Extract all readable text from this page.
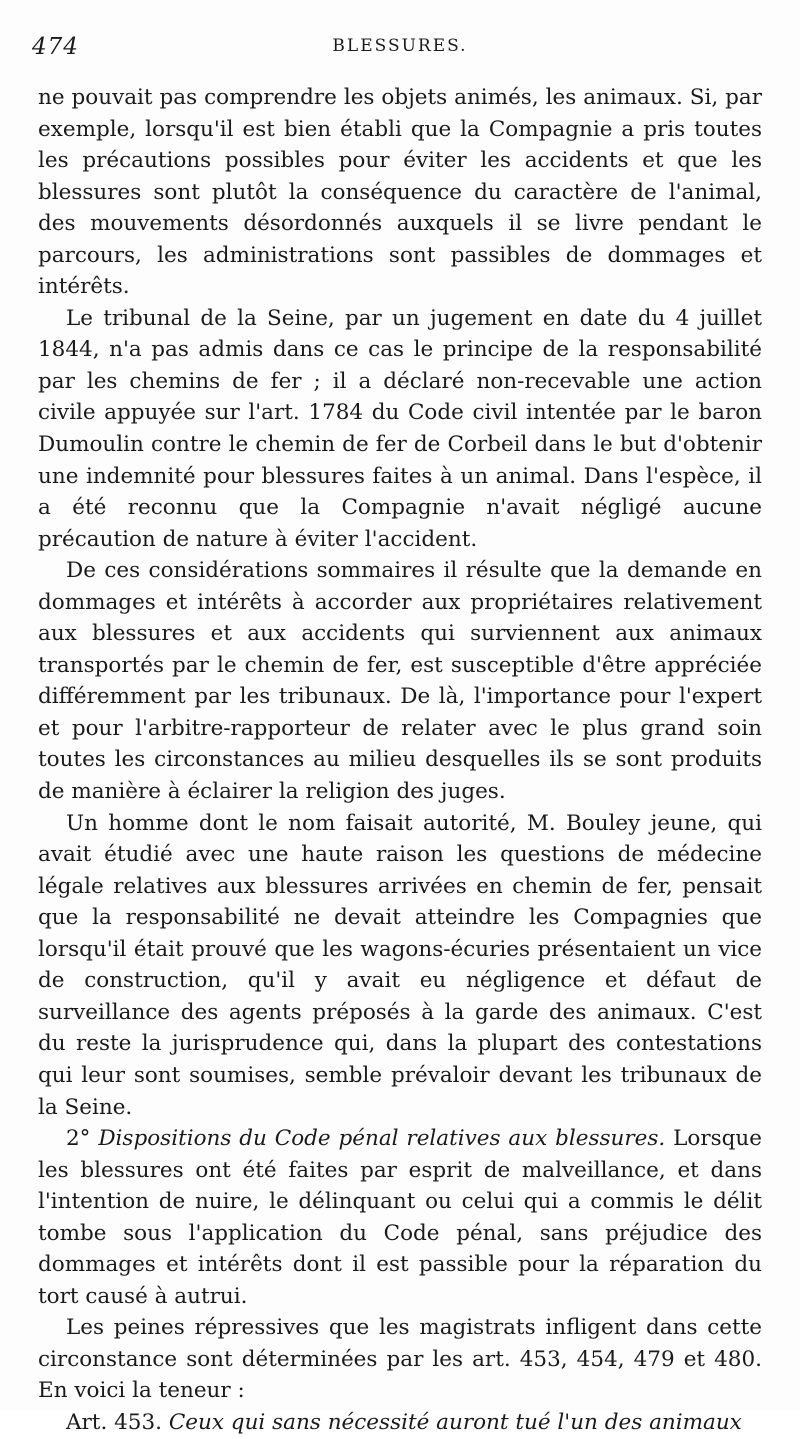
474	BLESSURES.

ne pouvait pas comprendre les objets animés, les animaux. Si, par exemple, lorsqu'il est bien établi que la Compagnie a pris toutes les précautions possibles pour éviter les accidents et que les blessures sont plutôt la conséquence du caractère de l'animal, des mouvements désordonnés auxquels il se livre pendant le parcours, les administrations sont passibles de dommages et intérêts.

Le tribunal de la Seine, par un jugement en date du 4 juillet 1844, n'a pas admis dans ce cas le principe de la responsabilité par les chemins de fer ; il a déclaré non-recevable une action civile appuyée sur l'art. 1784 du Code civil intentée par le baron Dumoulin contre le chemin de fer de Corbeil dans le but d'obtenir une indemnité pour blessures faites à un animal. Dans l'espèce, il a été reconnu que la Compagnie n'avait négligé aucune précaution de nature à éviter l'accident.

De ces considérations sommaires il résulte que la demande en dommages et intérêts à accorder aux propriétaires relativement aux blessures et aux accidents qui surviennent aux animaux transportés par le chemin de fer, est susceptible d'être appréciée différemment par les tribunaux. De là, l'importance pour l'expert et pour l'arbitre-rapporteur de relater avec le plus grand soin toutes les circonstances au milieu desquelles ils se sont produits de manière à éclairer la religion des juges.

Un homme dont le nom faisait autorité, M. Bouley jeune, qui avait étudié avec une haute raison les questions de médecine légale relatives aux blessures arrivées en chemin de fer, pensait que la responsabilité ne devait atteindre les Compagnies que lorsqu'il était prouvé que les wagons-écuries présentaient un vice de construction, qu'il y avait eu négligence et défaut de surveillance des agents préposés à la garde des animaux. C'est du reste la jurisprudence qui, dans la plupart des contestations qui leur sont soumises, semble prévaloir devant les tribunaux de la Seine.

2° Dispositions du Code pénal relatives aux blessures. Lorsque les blessures ont été faites par esprit de malveillance, et dans l'intention de nuire, le délinquant ou celui qui a commis le délit tombe sous l'application du Code pénal, sans préjudice des dommages et intérêts dont il est passible pour la réparation du tort causé à autrui.

Les peines répressives que les magistrats infligent dans cette circonstance sont déterminées par les art. 453, 454, 479 et 480. En voici la teneur :

Art. 453. Ceux qui sans nécessité auront tué l'un des animaux
